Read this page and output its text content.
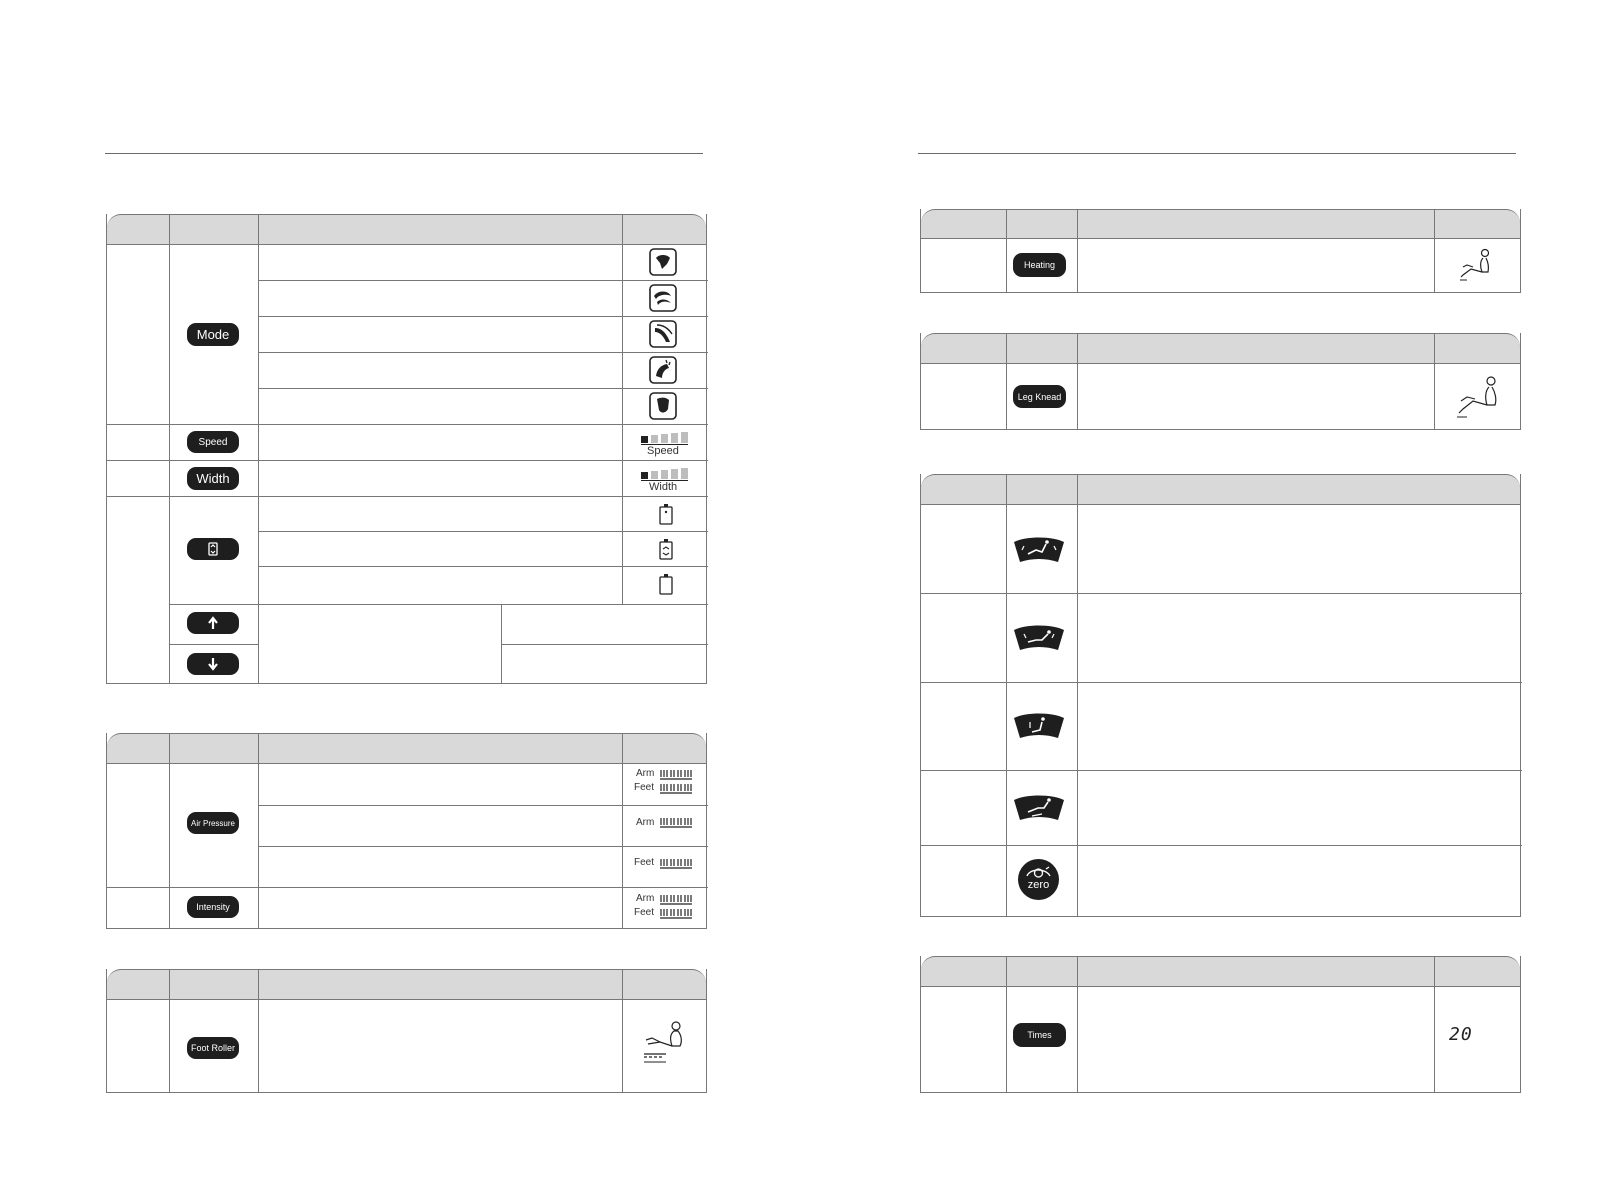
Mode
Speed
Width
Speed
Width
Air Pressure
Intensity
Arm
Feet
Arm
Feet
Arm
Feet
Foot Roller
Heating
Leg Knead
zero
Times	20
